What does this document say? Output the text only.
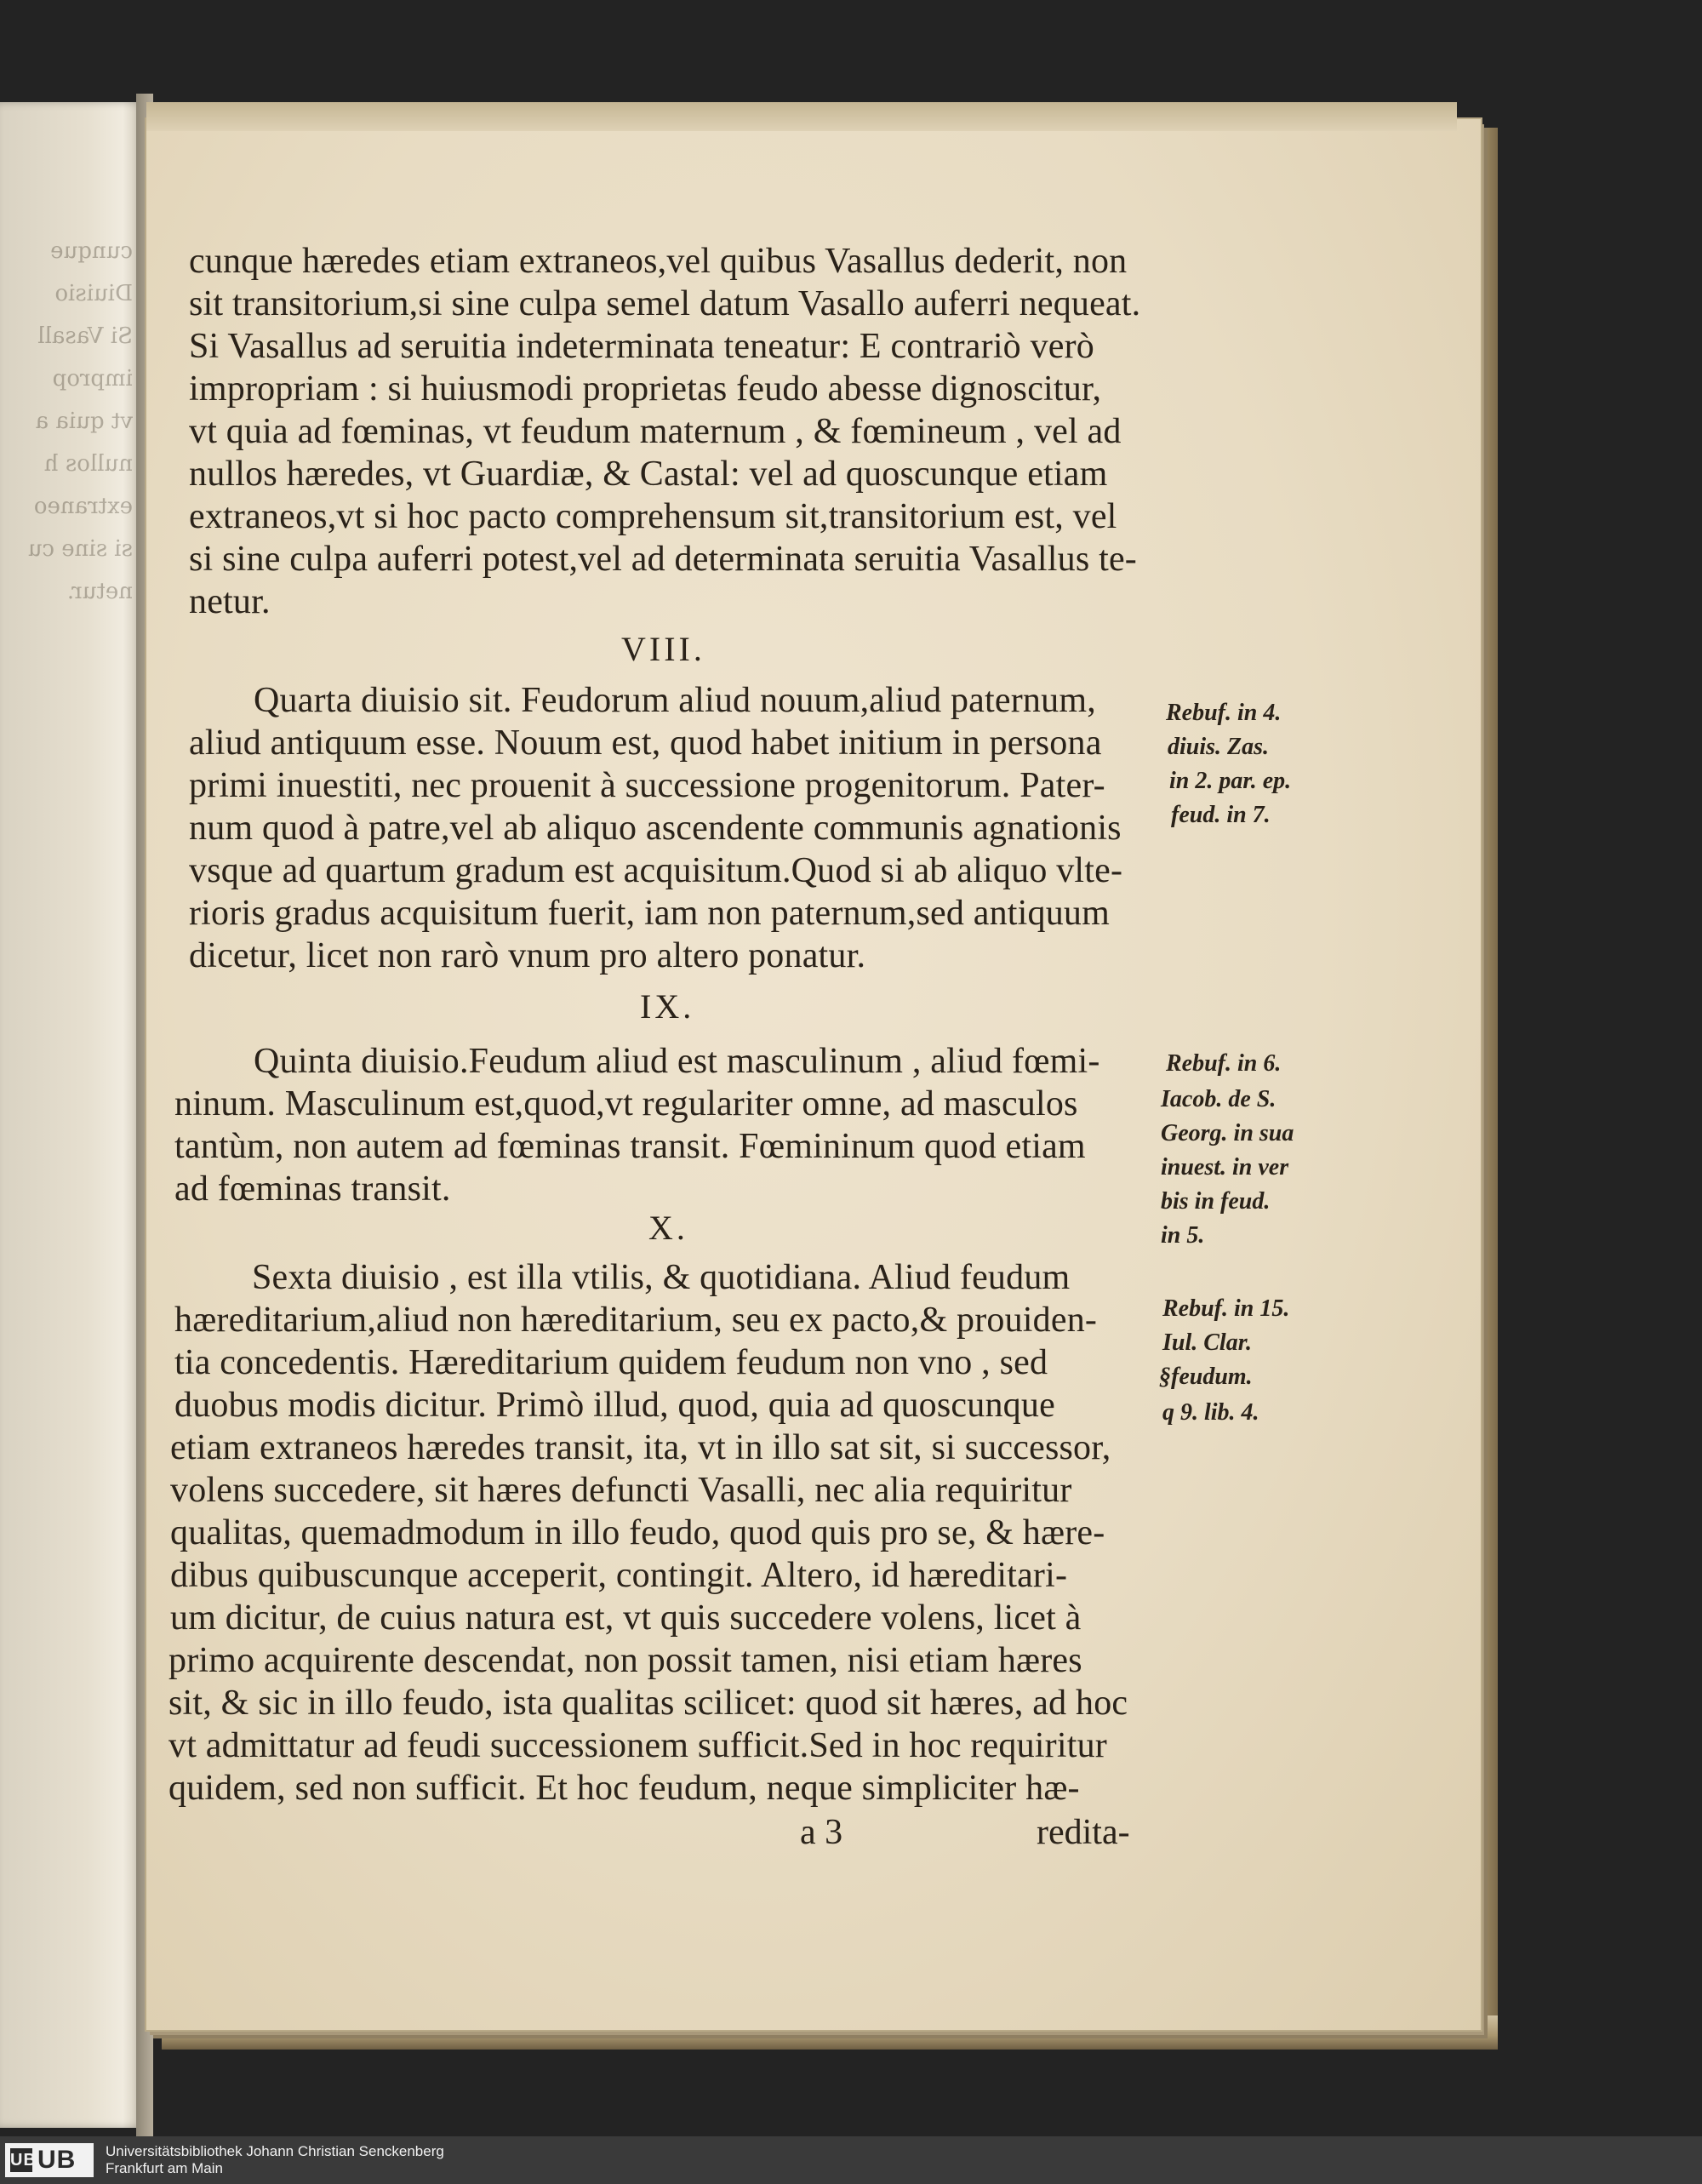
cunque
Diuisio
Si Vasall
improp
vt quia a
nullos h
extraneo
si sine cu
netur.
cunque hæredes etiam extraneos,vel quibus Vasallus dederit, non
sit transitorium,si sine culpa semel datum Vasallo auferri nequeat.
Si Vasallus ad seruitia indeterminata teneatur: E contrariò verò
impropriam : si huiusmodi proprietas feudo abesse dignoscitur,
vt quia ad fœminas, vt feudum maternum , & fœmineum , vel ad
nullos hæredes, vt Guardiæ, & Castal: vel ad quoscunque etiam
extraneos,vt si hoc pacto comprehensum sit,transitorium est, vel
si sine culpa auferri potest,vel ad determinata seruitia Vasallus te-
netur.
VIII.
Quarta diuisio sit. Feudorum aliud nouum,aliud paternum,
aliud antiquum esse. Nouum est, quod habet initium in persona
primi inuestiti, nec prouenit à successione progenitorum. Pater-
num quod à patre,vel ab aliquo ascendente communis agnationis
vsque ad quartum gradum est acquisitum.Quod si ab aliquo vlte-
rioris gradus acquisitum fuerit, iam non paternum,sed antiquum
dicetur, licet non rarò vnum pro altero ponatur.
IX.
Quinta diuisio.Feudum aliud est masculinum , aliud fœmi-
ninum. Masculinum est,quod,vt regulariter omne, ad masculos
tantùm, non autem ad fœminas transit. Fœmininum quod etiam
ad fœminas transit.
X.
Sexta diuisio , est illa vtilis, & quotidiana. Aliud feudum
hæreditarium,aliud non hæreditarium, seu ex pacto,& prouiden-
tia concedentis. Hæreditarium quidem feudum non vno , sed
duobus modis dicitur. Primò illud, quod, quia ad quoscunque
etiam extraneos hæredes transit, ita, vt in illo sat sit, si successor,
volens succedere, sit hæres defuncti Vasalli, nec alia requiritur
qualitas, quemadmodum in illo feudo, quod quis pro se, & hære-
dibus quibuscunque acceperit, contingit. Altero, id hæreditari-
um dicitur, de cuius natura est, vt quis succedere volens, licet à
primo acquirente descendat, non possit tamen, nisi etiam hæres
sit, & sic in illo feudo, ista qualitas scilicet: quod sit hæres, ad hoc
vt admittatur ad feudi successionem sufficit.Sed in hoc requiritur
quidem, sed non sufficit. Et hoc feudum, neque simpliciter hæ-
a 3	redita-
Rebuf. in 4.
diuis. Zas.
in 2. par. ep.
feud. in 7.
Rebuf. in 6.
Iacob. de S.
Georg. in sua
inuest. in ver
bis in feud.
in 5.
Rebuf. in 15.
Iul. Clar.
§feudum.
q 9. lib. 4.
UB UB Universitätsbibliothek Johann Christian Senckenberg
Frankfurt am Main
